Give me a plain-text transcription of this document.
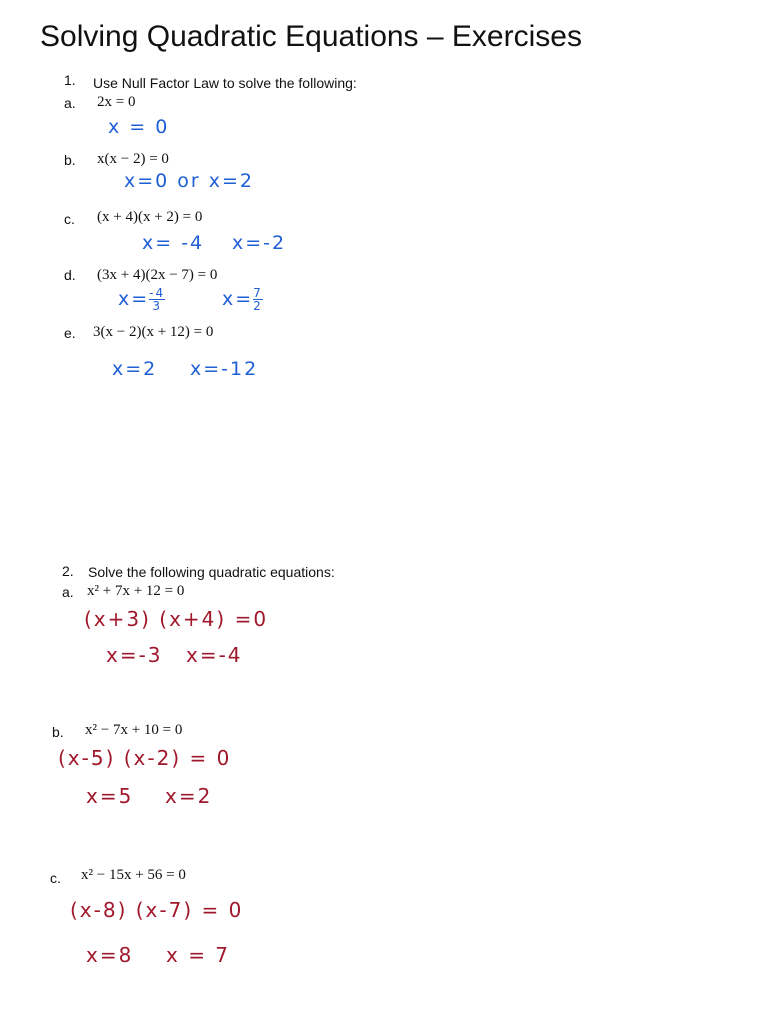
Solving Quadratic Equations – Exercises
1. Use Null Factor Law to solve the following:
a. 2x = 0
x = 0
b. x(x − 2) = 0
x=0 or x=2
c. (x + 4)(x + 2) = 0
x= -4 x=-2
d. (3x + 4)(2x − 7) = 0
$x= \frac{-4}{3}$	$x= \frac{7}{2}$
e. 3(x − 2)(x + 12) = 0
x=2 x=-12
2. Solve the following quadratic equations:
a. x² + 7x + 12 = 0
(x+3) (x+4) =0
x=-3 x=-4
b. x² − 7x + 10 = 0
(x-5) (x-2) = 0
x=5 x=2
c. x² − 15x + 56 = 0
(x-8) (x-7) = 0
x=8 x = 7
